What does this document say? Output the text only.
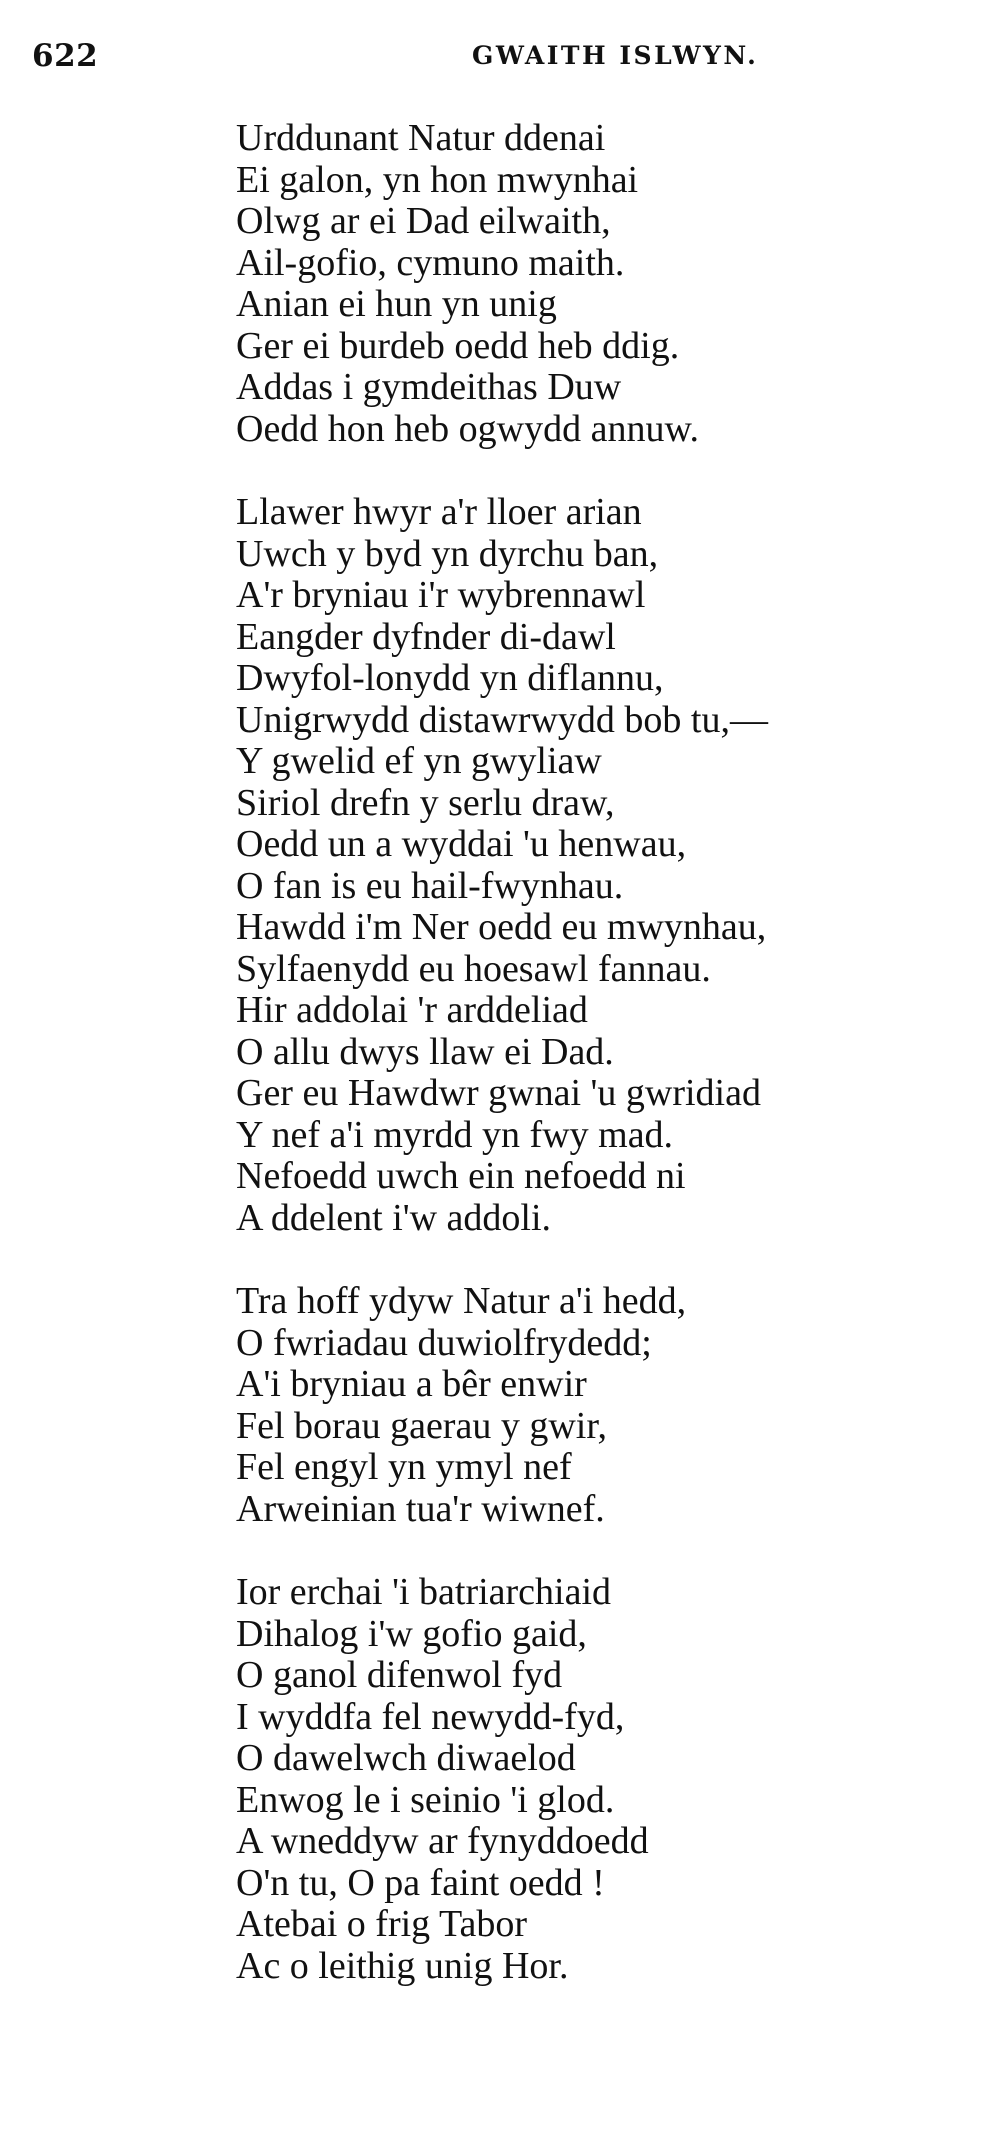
622	GWAITH ISLWYN.
Urddunant Natur ddenai
Ei galon, yn hon mwynhai
Olwg ar ei Dad eilwaith,
Ail-gofio, cymuno maith.
Anian ei hun yn unig
Ger ei burdeb oedd heb ddig.
Addas i gymdeithas Duw
Oedd hon heb ogwydd annuw.
Llawer hwyr a'r lloer arian
Uwch y byd yn dyrchu ban,
A'r bryniau i'r wybrennawl
Eangder dyfnder di-dawl
Dwyfol-lonydd yn diflannu,
Unigrwydd distawrwydd bob tu,—
Y gwelid ef yn gwyliaw
Siriol drefn y serlu draw,
Oedd un a wyddai 'u henwau,
O fan is eu hail-fwynhau.
Hawdd i'm Ner oedd eu mwynhau,
Sylfaenydd eu hoesawl fannau.
Hir addolai 'r arddeliad
O allu dwys llaw ei Dad.
Ger eu Hawdwr gwnai 'u gwridiad
Y nef a'i myrdd yn fwy mad.
Nefoedd uwch ein nefoedd ni
A ddelent i'w addoli.
Tra hoff ydyw Natur a'i hedd,
O fwriadau duwiolfrydedd;
A'i bryniau a bêr enwir
Fel borau gaerau y gwir,
Fel engyl yn ymyl nef
Arweinian tua'r wiwnef.
Ior erchai 'i batriarchiaid
Dihalog i'w gofio gaid,
O ganol difenwol fyd
I wyddfa fel newydd-fyd,
O dawelwch diwaelod
Enwog le i seinio 'i glod.
A wneddyw ar fynyddoedd
O'n tu, O pa faint oedd !
Atebai o frig Tabor
Ac o leithig unig Hor.
